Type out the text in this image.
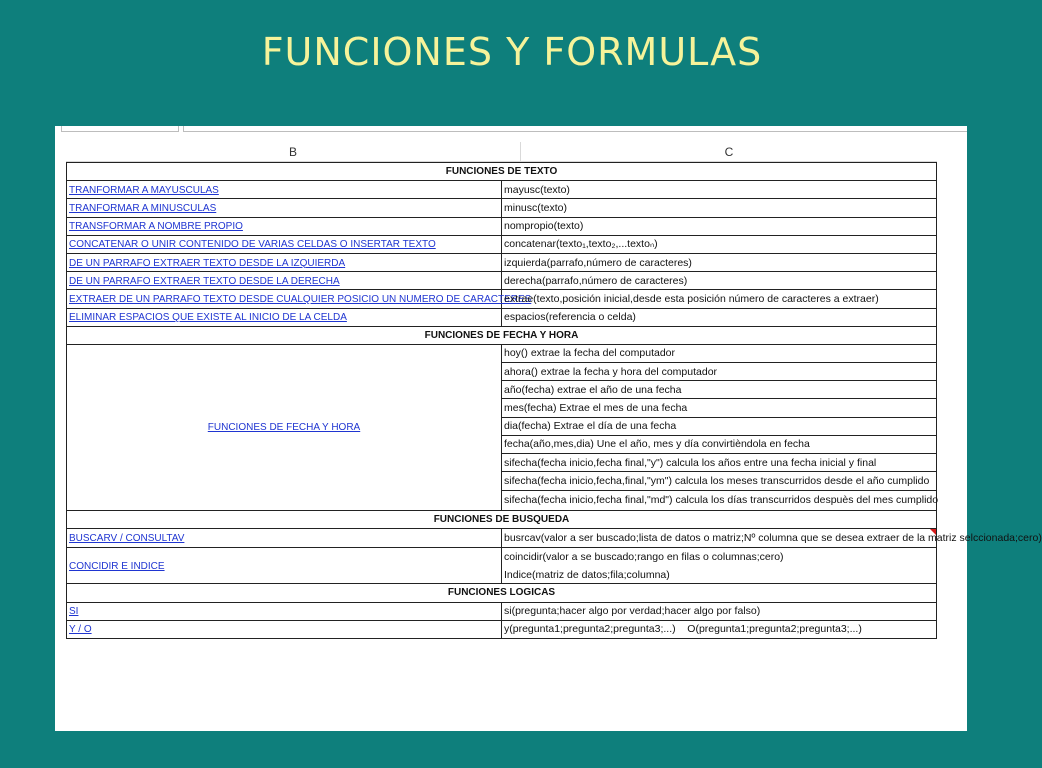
FUNCIONES Y FORMULAS
B	C
FUNCIONES DE TEXTO	
TRANFORMAR A MAYUSCULAS	mayusc(texto)
TRANFORMAR A MINUSCULAS	minusc(texto)
TRANSFORMAR A NOMBRE PROPIO	nompropio(texto)
CONCATENAR O UNIR CONTENIDO DE VARIAS CELDAS O INSERTAR TEXTO	concatenar(texto₁,texto₂,...textoₙ)
DE UN PARRAFO EXTRAER TEXTO DESDE LA IZQUIERDA	izquierda(parrafo,número de caracteres)
DE UN PARRAFO EXTRAER TEXTO DESDE LA DERECHA	derecha(parrafo,número de caracteres)
EXTRAER DE UN PARRAFO TEXTO DESDE CUALQUIER POSICIO UN NUMERO DE CARACTERES	extrae(texto,posición inicial,desde esta posición número de caracteres a extraer)
ELIMINAR ESPACIOS QUE EXISTE AL INICIO DE LA CELDA	espacios(referencia o celda)
FUNCIONES DE FECHA Y HORA	
FUNCIONES DE FECHA Y HORA	hoy() extrae la fecha del computador
	ahora() extrae la fecha y hora del computador
	año(fecha) extrae el año de una fecha
	mes(fecha) Extrae el mes de una fecha
	dia(fecha) Extrae el día de una fecha
	fecha(año,mes,dia) Une el año, mes y día convirtièndola en fecha
	sifecha(fecha inicio,fecha final,"y") calcula los años entre una fecha inicial y final
	sifecha(fecha inicio,fecha,final,"ym") calcula los meses transcurridos desde el año cumplido

	sifecha(fecha inicio,fecha final,"md") calcula los días transcurridos despuès del mes cumplido

FUNCIONES DE BUSQUEDA	
BUSCARV / CONSULTAV	busrcav(valor a ser buscado;lista de datos o matriz;Nº columna que se desea extraer de la matriz selccionada;cero)

CONCIDIR E INDICE	coincidir(valor a se buscado;rango en filas o columnas;cero)
	Indice(matriz de datos;fila;columna)
FUNCIONES LOGICAS	
SI	si(pregunta;hacer algo por verdad;hacer algo por falso)
Y / O	y(pregunta1;pregunta2;pregunta3;...)    O(pregunta1;pregunta2;pregunta3;...)
